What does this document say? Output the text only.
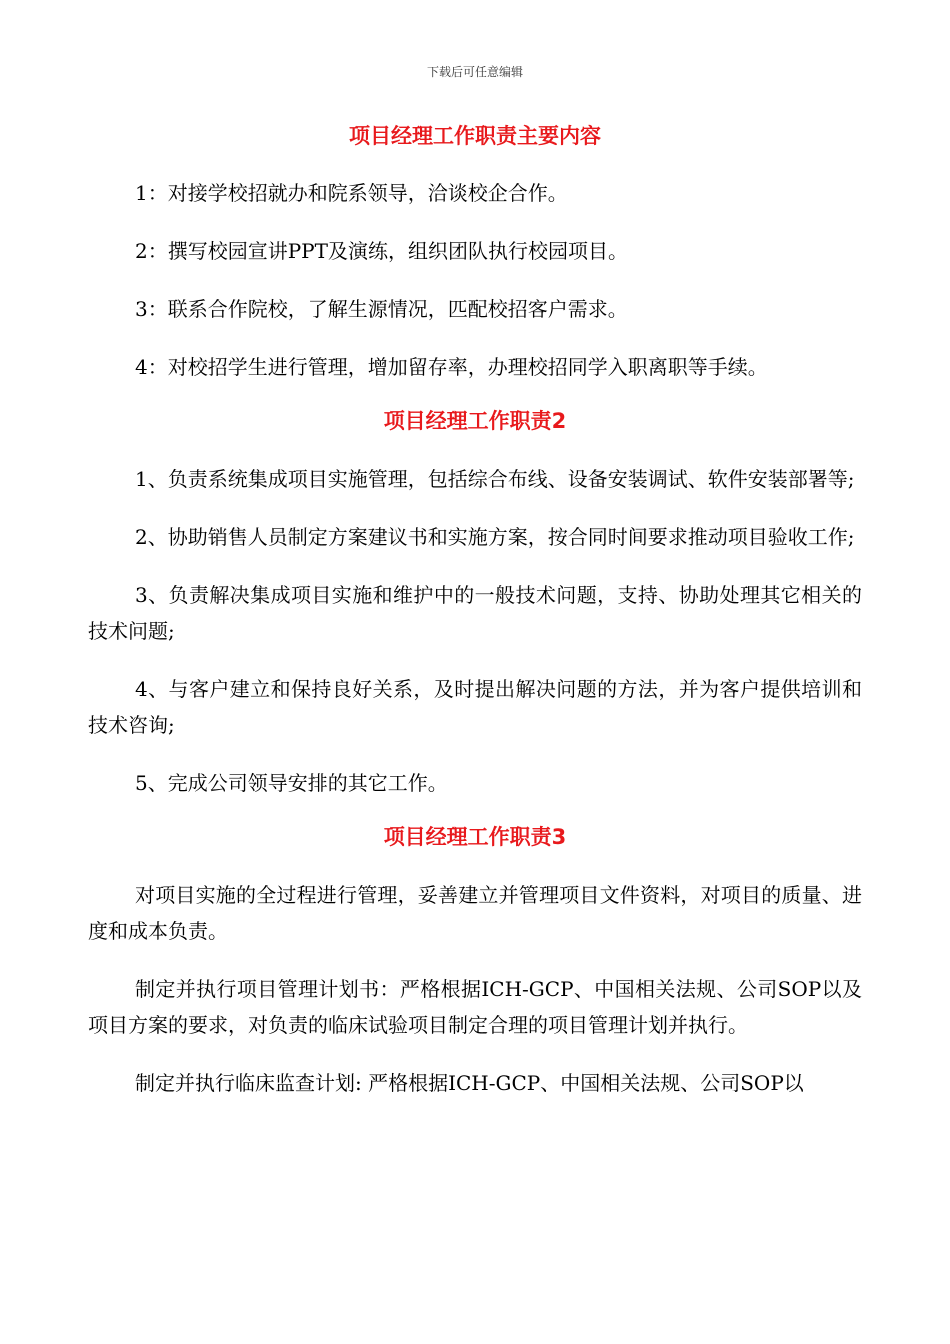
下载后可任意编辑
项目经理工作职责主要内容

1：对接学校招就办和院系领导，洽谈校企合作。

2：撰写校园宣讲PPT及演练，组织团队执行校园项目。

3：联系合作院校，了解生源情况，匹配校招客户需求。

4：对校招学生进行管理，增加留存率，办理校招同学入职离职等手续。

项目经理工作职责2

1、负责系统集成项目实施管理，包括综合布线、设备安装调试、软件安装部署等;

2、协助销售人员制定方案建议书和实施方案，按合同时间要求推动项目验收工作;

3、负责解决集成项目实施和维护中的一般技术问题，支持、协助处理其它相关的技术问题;

4、与客户建立和保持良好关系，及时提出解决问题的方法，并为客户提供培训和技术咨询;

5、完成公司领导安排的其它工作。

项目经理工作职责3

对项目实施的全过程进行管理，妥善建立并管理项目文件资料，对项目的质量、进度和成本负责。

制定并执行项目管理计划书：严格根据ICH-GCP、中国相关法规、公司SOP以及项目方案的要求，对负责的临床试验项目制定合理的项目管理计划并执行。

制定并执行临床监查计划: 严格根据ICH-GCP、中国相关法规、公司SOP以
